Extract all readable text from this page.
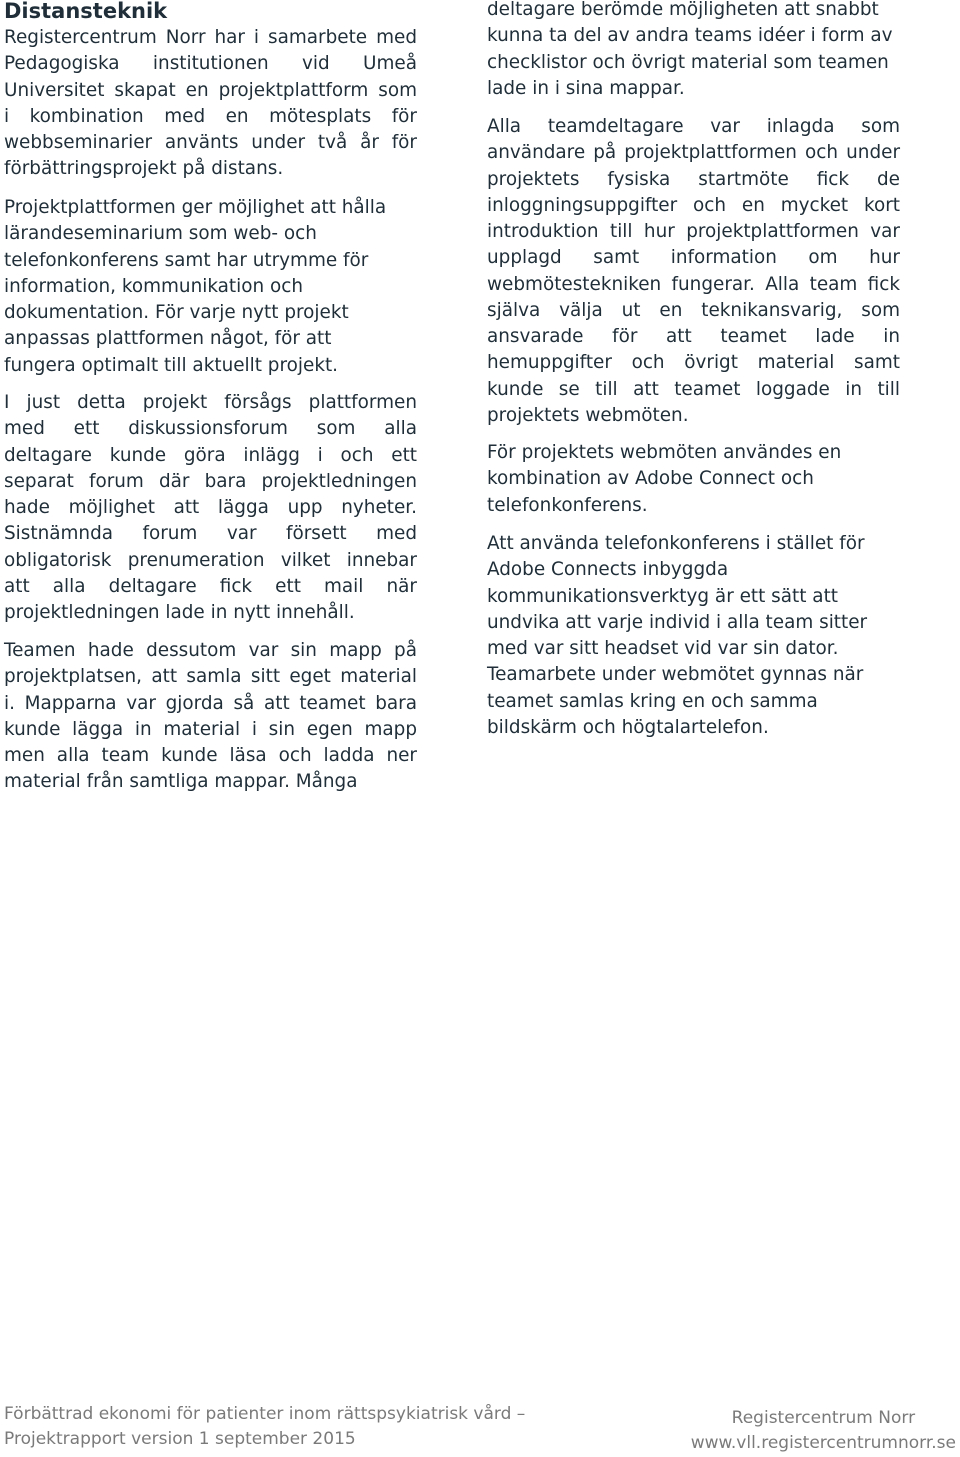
Distansteknik
Registercentrum Norr har i samarbete med
Pedagogiska institutionen vid Umeå
Universitet skapat en projektplattform som
i kombination med en mötesplats för
webbseminarier använts under två år för
förbättringsprojekt på distans.
Projektplattformen ger möjlighet att hålla
lärandeseminarium som web- och
telefonkonferens samt har utrymme för
information, kommunikation och
dokumentation. För varje nytt projekt
anpassas plattformen något, för att
fungera optimalt till aktuellt projekt.
I just detta projekt försågs plattformen
med ett diskussionsforum som alla
deltagare kunde göra inlägg i och ett
separat forum där bara projektledningen
hade möjlighet att lägga upp nyheter.
Sistnämnda forum var försett med
obligatorisk prenumeration vilket innebar
att alla deltagare fick ett mail när
projektledningen lade in nytt innehåll.
Teamen hade dessutom var sin mapp på
projektplatsen, att samla sitt eget material
i. Mapparna var gjorda så att teamet bara
kunde lägga in material i sin egen mapp
men alla team kunde läsa och ladda ner
material från samtliga mappar. Många
deltagare berömde möjligheten att snabbt
kunna ta del av andra teams idéer i form av
checklistor och övrigt material som teamen
lade in i sina mappar.
Alla teamdeltagare var inlagda som
användare på projektplattformen och under
projektets fysiska startmöte fick de
inloggningsuppgifter och en mycket kort
introduktion till hur projektplattformen var
upplagd samt information om hur
webmötestekniken fungerar. Alla team fick
själva välja ut en teknikansvarig, som
ansvarade för att teamet lade in
hemuppgifter och övrigt material samt
kunde se till att teamet loggade in till
projektets webmöten.
För projektets webmöten användes en
kombination av Adobe Connect och
telefonkonferens.
Att använda telefonkonferens i stället för
Adobe Connects inbyggda
kommunikationsverktyg är ett sätt att
undvika att varje individ i alla team sitter
med var sitt headset vid var sin dator.
Teamarbete under webmötet gynnas när
teamet samlas kring en och samma
bildskärm och högtalartelefon.
Förbättrad ekonomi för patienter inom rättspsykiatrisk vård –
Projektrapport version 1 september 2015
Registercentrum Norr
www.vll.registercentrumnorr.se
